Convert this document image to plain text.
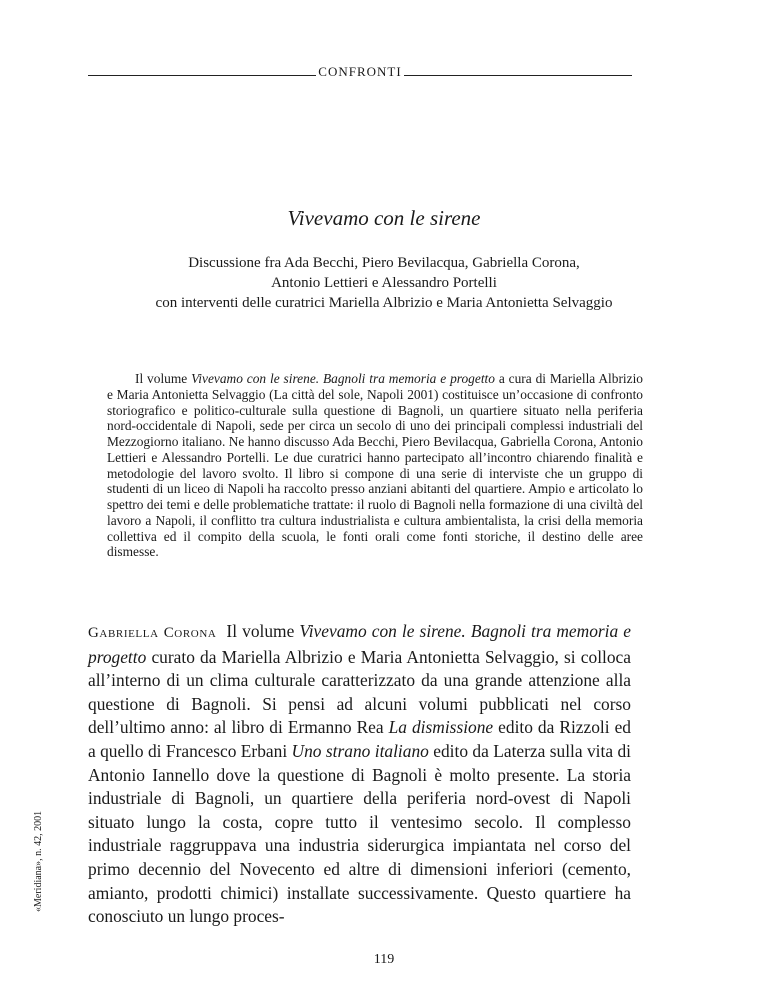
CONFRONTI
Vivevamo con le sirene
Discussione fra Ada Becchi, Piero Bevilacqua, Gabriella Corona,
Antonio Lettieri e Alessandro Portelli
con interventi delle curatrici Mariella Albrizio e Maria Antonietta Selvaggio

Il volume Vivevamo con le sirene. Bagnoli tra memoria e progetto a cura di Mariella Albrizio e Maria Antonietta Selvaggio (La città del sole, Napoli 2001) costituisce un’occasione di confronto storiografico e politico-culturale sulla questione di Bagnoli, un quartiere situato nella periferia nord-occidentale di Napoli, sede per circa un secolo di uno dei principali complessi industriali del Mezzogiorno italiano. Ne hanno discusso Ada Becchi, Piero Bevilacqua, Gabriella Corona, Antonio Lettieri e Alessandro Portelli. Le due curatrici hanno partecipato all’incontro chiarendo finalità e metodologie del lavoro svolto. Il libro si compone di una serie di interviste che un gruppo di studenti di un liceo di Napoli ha raccolto presso anziani abitanti del quartiere. Ampio e articolato lo spettro dei temi e delle problematiche trattate: il ruolo di Bagnoli nella formazione di una civiltà del lavoro a Napoli, il conflitto tra cultura industrialista e cultura ambientalista, la crisi della memoria collettiva ed il compito della scuola, le fonti orali come fonti storiche, il destino delle aree dismesse.

«Meridiana», n. 42, 2001

Gabriella Corona Il volume Vivevamo con le sirene. Bagnoli tra memoria e progetto curato da Mariella Albrizio e Maria Antonietta Selvaggio, si colloca all’interno di un clima culturale caratterizzato da una grande attenzione alla questione di Bagnoli. Si pensi ad alcuni volumi pubblicati nel corso dell’ultimo anno: al libro di Ermanno Rea La dismissione edito da Rizzoli ed a quello di Francesco Erbani Uno strano italiano edito da Laterza sulla vita di Antonio Iannello dove la questione di Bagnoli è molto presente. La storia industriale di Bagnoli, un quartiere della periferia nord-ovest di Napoli situato lungo la costa, copre tutto il ventesimo secolo. Il complesso industriale raggruppava una industria siderurgica impiantata nel corso del primo decennio del Novecento ed altre di dimensioni inferiori (cemento, amianto, prodotti chimici) installate successivamente. Questo quartiere ha conosciuto un lungo proces-

119
